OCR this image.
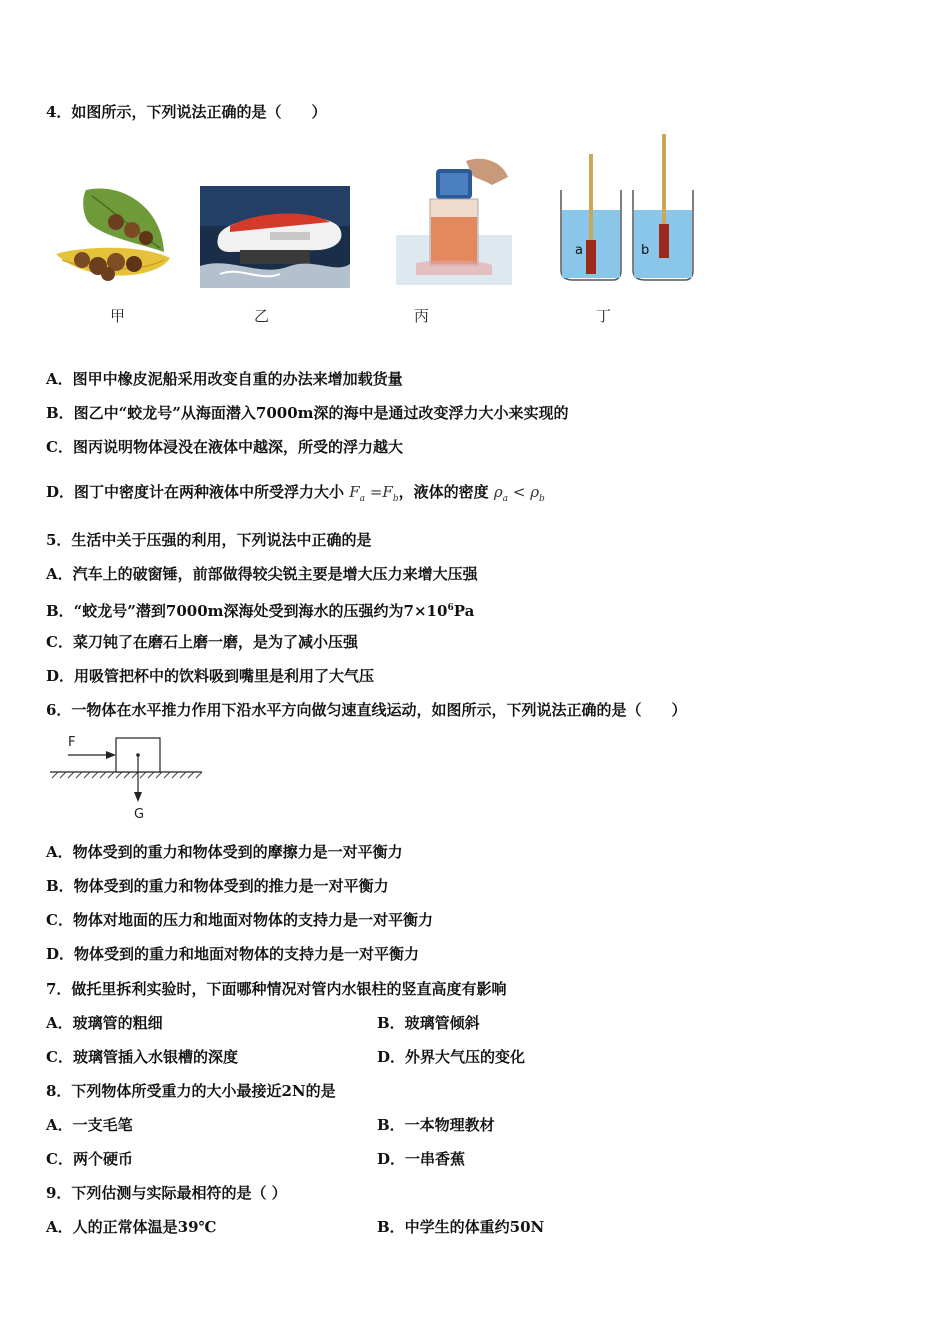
4．如图所示，下列说法正确的是（　　）
a	b
甲	乙	丙	丁
A．图甲中橡皮泥船采用改变自重的办法来增加载货量
B．图乙中“蛟龙号”从海面潜入7000m深的海中是通过改变浮力大小来实现的
C．图丙说明物体浸没在液体中越深，所受的浮力越大
D．图丁中密度计在两种液体中所受浮力大小 $F_a =F_b$，液体的密度 $\rho_a < \rho_b$
5．生活中关于压强的利用，下列说法中正确的是
A．汽车上的破窗锤，前部做得较尖锐主要是增大压力来增大压强
B．“蛟龙号”潜到7000m深海处受到海水的压强约为$7\times 10^6Pa$
C．菜刀钝了在磨石上磨一磨，是为了减小压强
D．用吸管把杯中的饮料吸到嘴里是利用了大气压
6．一物体在水平推力作用下沿水平方向做匀速直线运动，如图所示，下列说法正确的是（　　）
F
G
A．物体受到的重力和物体受到的摩擦力是一对平衡力
B．物体受到的重力和物体受到的推力是一对平衡力
C．物体对地面的压力和地面对物体的支持力是一对平衡力
D．物体受到的重力和地面对物体的支持力是一对平衡力
7．做托里拆利实验时，下面哪种情况对管内水银柱的竖直高度有影响
A．玻璃管的粗细	B．玻璃管倾斜
C．玻璃管插入水银槽的深度	D．外界大气压的变化
8．下列物体所受重力的大小最接近2N的是
A．一支毛笔	B．一本物理教材
C．两个硬币	D．一串香蕉
9．下列估测与实际最相符的是（ ）
A．人的正常体温是39℃	B．中学生的体重约50N
